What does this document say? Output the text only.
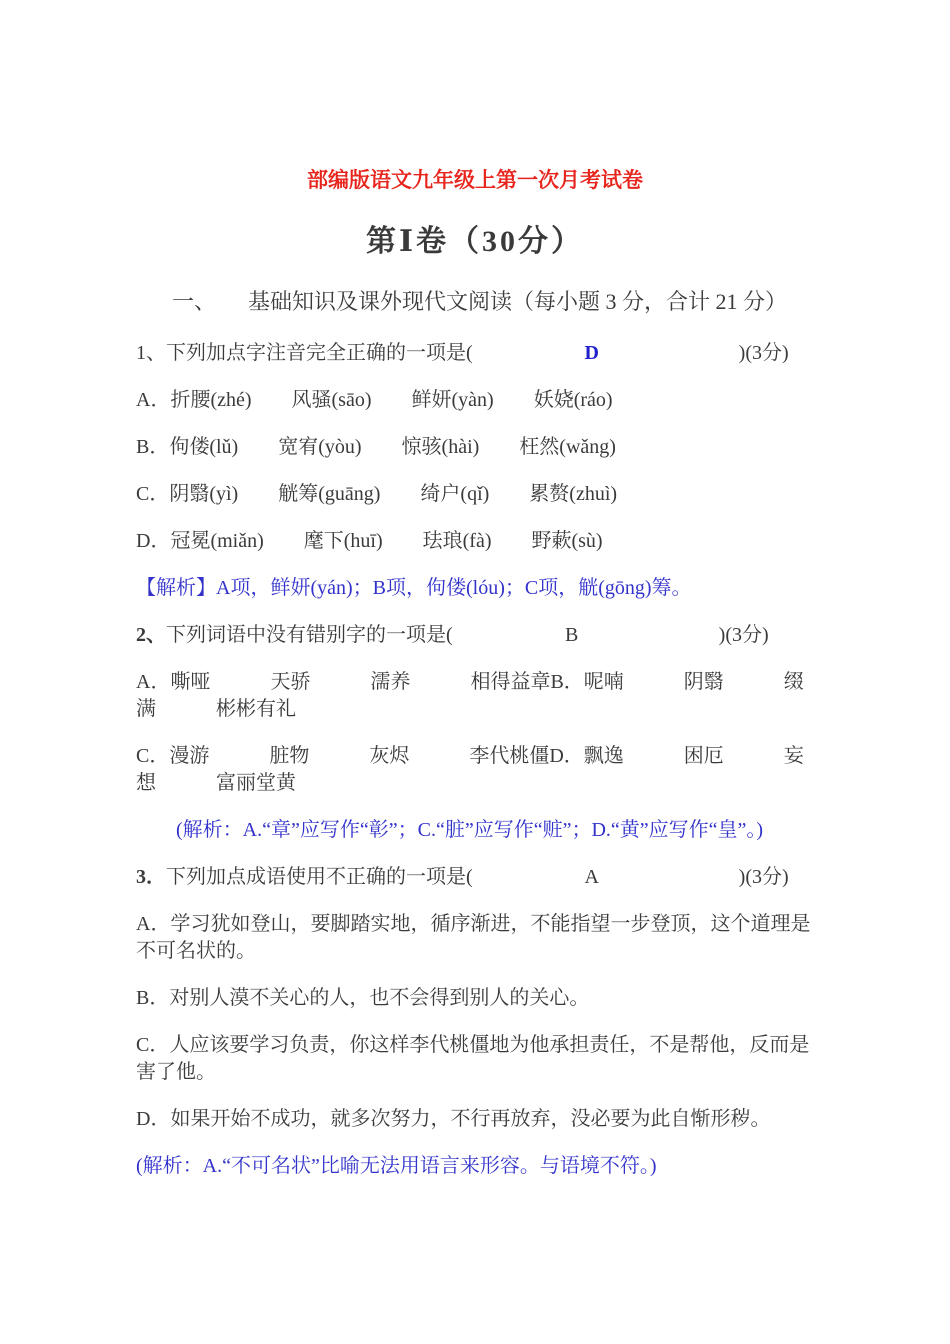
部编版语文九年级上第一次月考试卷
第Ⅰ卷（30分）

一、 基础知识及课外现代文阅读（每小题 3 分，合计 21 分）

1、下列加点字注音完全正确的一项是(	D	)(3分)

A．折腰(zhé)　　风骚(sāo)　　鲜妍(yàn)　　妖娆(ráo)

B．佝偻(lǔ)　　宽宥(yòu)　　惊骇(hài)　　枉然(wǎng)

C．阴翳(yì)　　觥筹(guāng)　　绮户(qǐ)　　累赘(zhuì)

D．冠冕(miǎn)　　麾下(huī)　　珐琅(fà)　　野蔌(sù)

【解析】A项，鲜妍(yán)；B项，佝偻(lóu)；C项，觥(gōng)筹。

2、下列词语中没有错别字的一项是(	B	)(3分)

A．嘶哑　　　天骄　　　濡养　　　相得益章B．呢喃　　　阴翳　　　缀满　　　彬彬有礼

C．漫游　　　脏物　　　灰烬　　　李代桃僵D．飘逸　　　困厄　　　妄想　　　富丽堂黄

(解析：A.“章”应写作“彰”；C.“脏”应写作“赃”；D.“黄”应写作“皇”。)

3．下列加点成语使用不正确的一项是(	A	)(3分)

A．学习犹如登山，要脚踏实地，循序渐进，不能指望一步登顶，这个道理是不可名状的。

B．对别人漠不关心的人，也不会得到别人的关心。

C．人应该要学习负责，你这样李代桃僵地为他承担责任，不是帮他，反而是害了他。

D．如果开始不成功，就多次努力，不行再放弃，没必要为此自惭形秽。

(解析：A.“不可名状”比喻无法用语言来形容。与语境不符。)
